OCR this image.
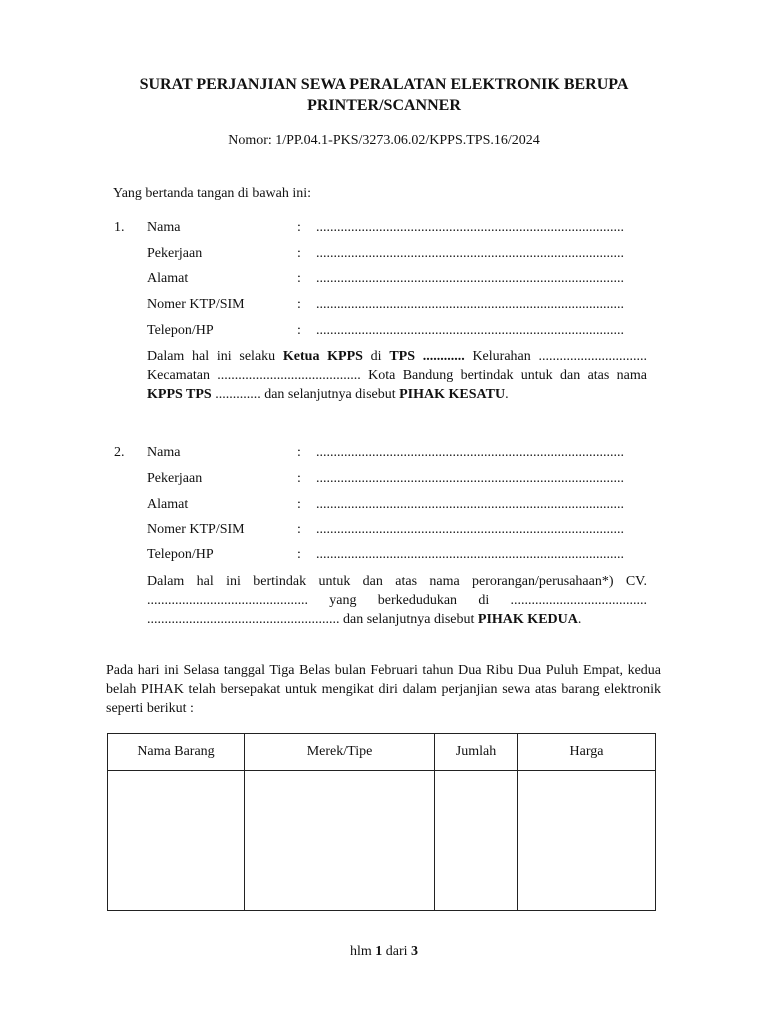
SURAT PERJANJIAN SEWA PERALATAN ELEKTRONIK BERUPA
PRINTER/SCANNER
Nomor: 1/PP.04.1-PKS/3273.06.02/KPPS.TPS.16/2024
Yang bertanda tangan di bawah ini:
1. Nama	: ........................................................................................
Pekerjaan	: ........................................................................................
Alamat	: ........................................................................................
Nomer KTP/SIM	: ........................................................................................
Telepon/HP	: ........................................................................................
Dalam hal ini selaku Ketua KPPS di TPS ............ Kelurahan ............................... Kecamatan ......................................... Kota Bandung bertindak untuk dan atas nama KPPS TPS ............. dan selanjutnya disebut PIHAK KESATU.
2. Nama	: ........................................................................................
Pekerjaan	: ........................................................................................
Alamat	: ........................................................................................
Nomer KTP/SIM	: ........................................................................................
Telepon/HP	: ........................................................................................
Dalam hal ini bertindak untuk dan atas nama perorangan/perusahaan*) CV. .............................................. yang berkedudukan di ....................................... ....................................................... dan selanjutnya disebut PIHAK KEDUA.
Pada hari ini Selasa tanggal Tiga Belas bulan Februari tahun Dua Ribu Dua Puluh Empat, kedua belah PIHAK telah bersepakat untuk mengikat diri dalam perjanjian sewa atas barang elektronik seperti berikut :
Nama Barang	Merek/Tipe	Jumlah	Harga

hlm 1 dari 3
